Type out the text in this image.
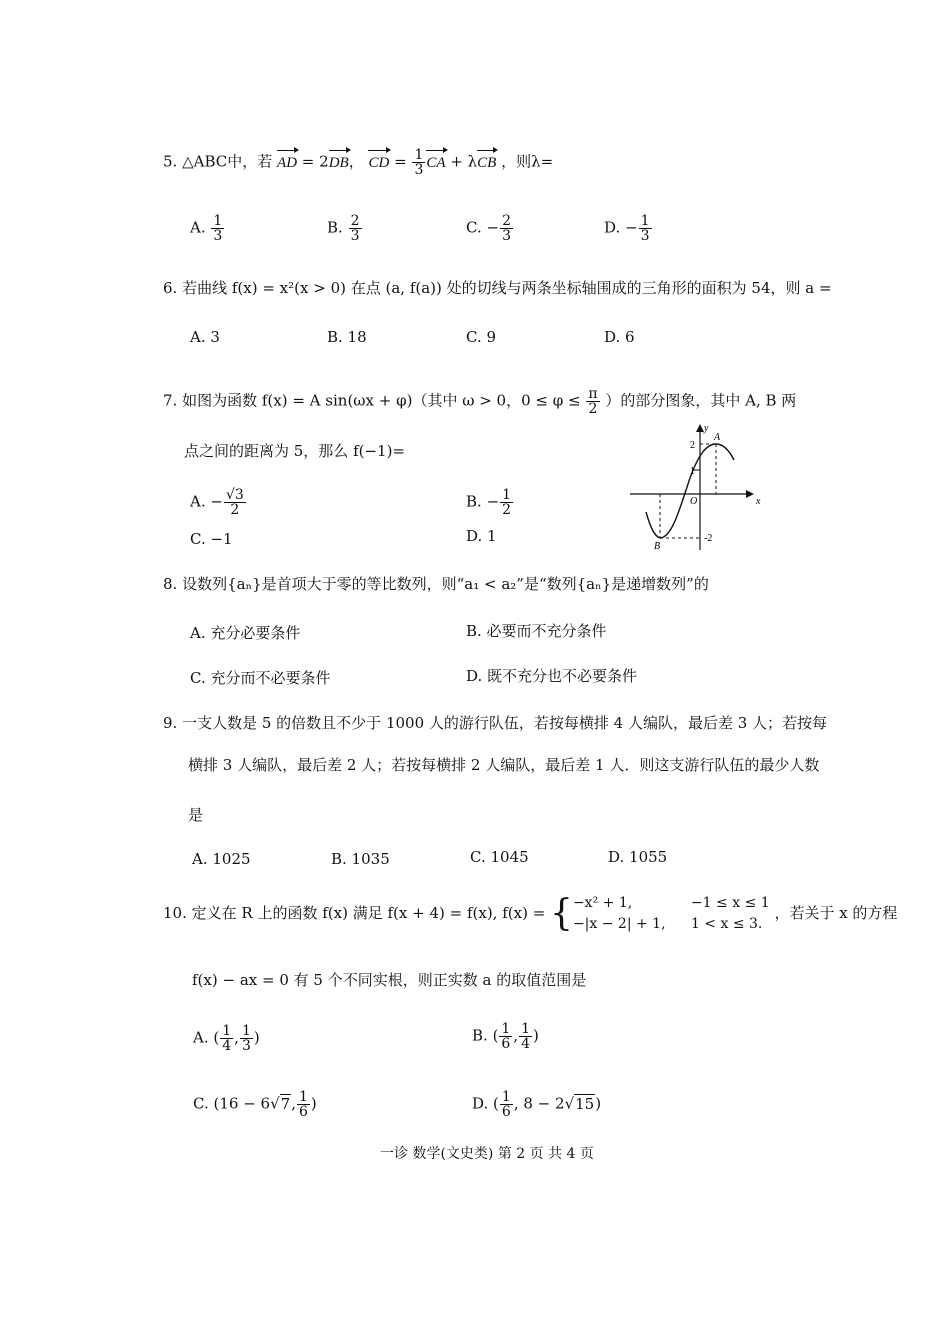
5. △ABC中，若 AD = 2DB， CD = $\frac{1}{3}$ CA + λCB ，则λ=
A. $\frac{1}{3}$	B. $\frac{2}{3}$	C. − $\frac{2}{3}$	D. − $\frac{1}{3}$
6. 若曲线 f(x) = x²(x > 0) 在点 (a, f(a)) 处的切线与两条坐标轴围成的三角形的面积为 54，则 a =
A. 3	B. 18	C. 9	D. 6
7. 如图为函数 f(x) = A sin(ωx + φ)（其中 ω > 0，$0 \le \varphi \le \frac{\pi}{2}$ ）的部分图象，其中 A, B 两
点之间的距离为 5，那么 f(−1)=
A. − $\frac{√3}{2}$	B. − $\frac{1}{2}$
C. −1	D. 1
y
x
A
B
O
2
1
-2
8. 设数列{aₙ}是首项大于零的等比数列，则“a₁ < a₂”是“数列{aₙ}是递增数列”的
A. 充分必要条件	B. 必要而不充分条件
C. 充分而不必要条件	D. 既不充分也不必要条件
9. 一支人数是 5 的倍数且不少于 1000 人的游行队伍，若按每横排 4 人编队，最后差 3 人；若按每
横排 3 人编队，最后差 2 人；若按每横排 2 人编队，最后差 1 人．则这支游行队伍的最少人数
是
A. 1025	B. 1035	C. 1045	D. 1055
10. 定义在 R 上的函数 f(x) 满足 f(x + 4) = f(x), f(x) = { −x² + 1,	−1 ≤ x ≤ 1
−|x − 2| + 1, 1 < x ≤ 3.
，若关于 x 的方程
f(x) − ax = 0 有 5 个不同实根，则正实数 a 的取值范围是
A. ( $\frac{1}{4}$ , $\frac{1}{3}$ )	B. ( $\frac{1}{6}$ , $\frac{1}{4}$ )
C. (16 − 6√7, $\frac{1}{6}$ )	D. ( $\frac{1}{6}$ , 8 − 2√15)
一诊 数学(文史类) 第 2 页 共 4 页
